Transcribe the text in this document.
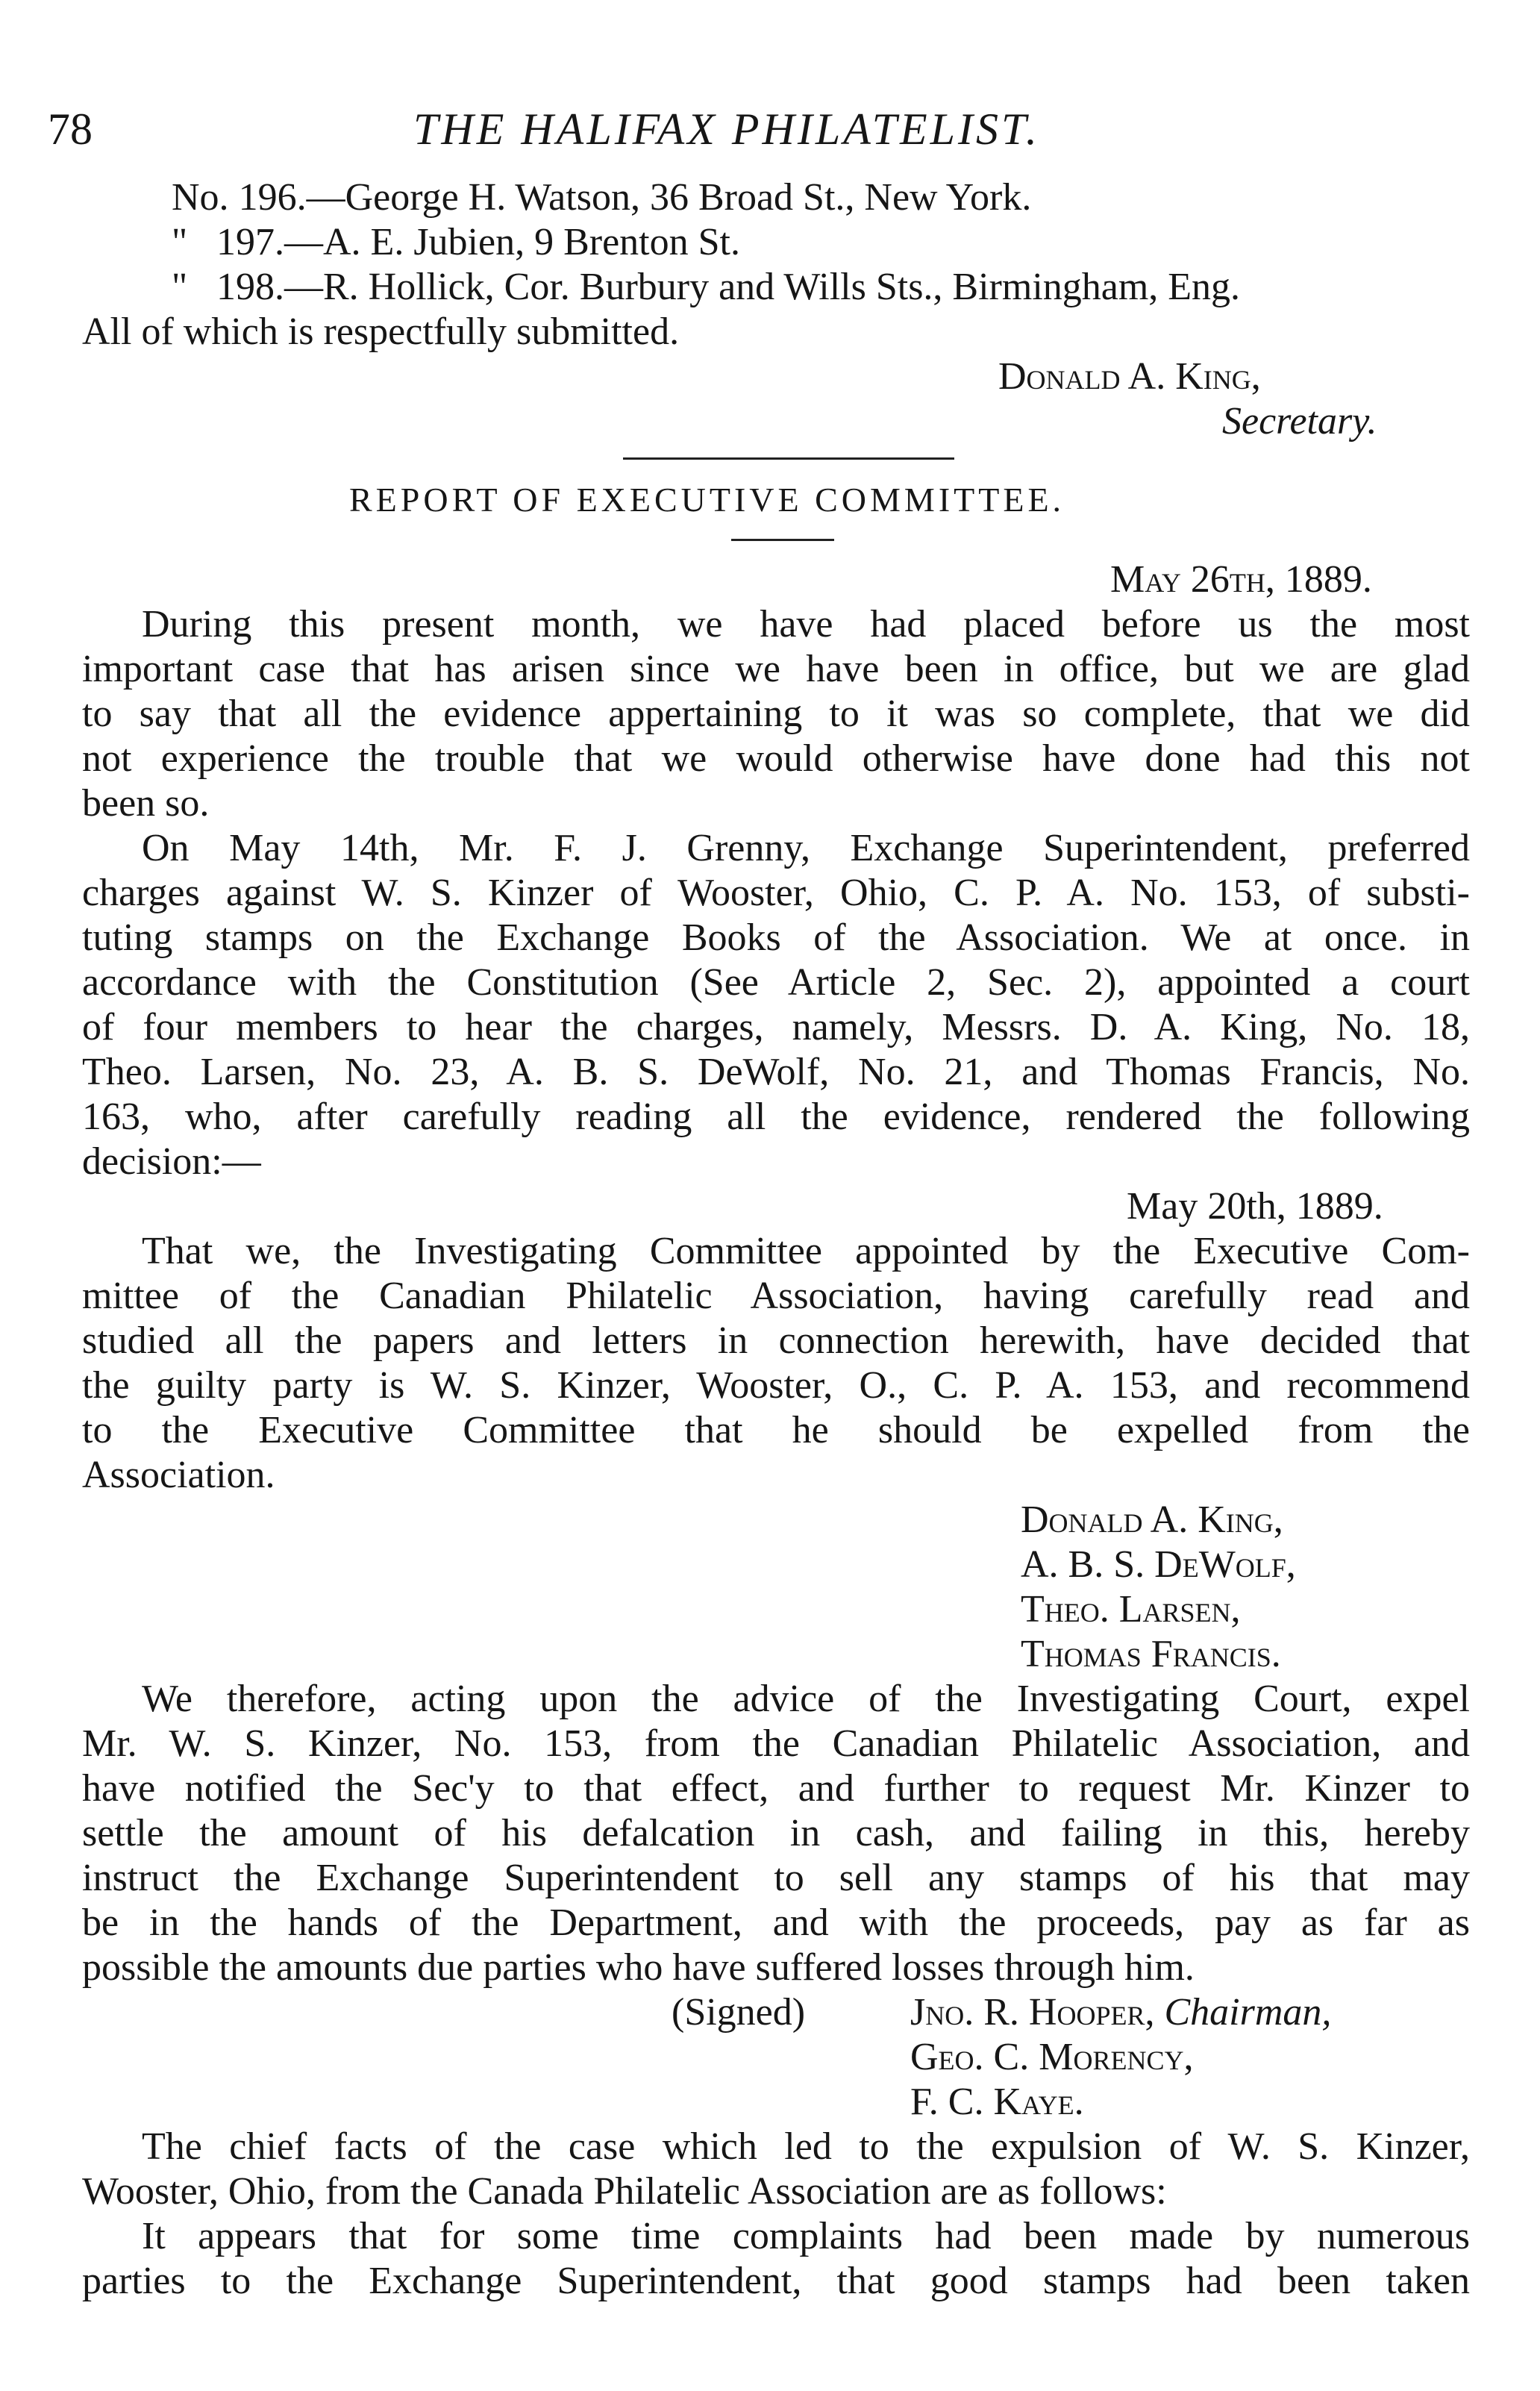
78	THE HALIFAX PHILATELIST.
No. 196.—George H. Watson, 36 Broad St., New York.
" 197.—A. E. Jubien, 9 Brenton St.
" 198.—R. Hollick, Cor. Burbury and Wills Sts., Birmingham, Eng.
All of which is respectfully submitted.
Donald A. King,
Secretary.
REPORT OF EXECUTIVE COMMITTEE.
May 26th, 1889.
During this present month, we have had placed before us the most
important case that has arisen since we have been in office, but we are glad
to say that all the evidence appertaining to it was so complete, that we did
not experience the trouble that we would otherwise have done had this not
been so.
On May 14th, Mr. F. J. Grenny, Exchange Superintendent, preferred
charges against W. S. Kinzer of Wooster, Ohio, C. P. A. No. 153, of substi-
tuting stamps on the Exchange Books of the Association. We at once. in
accordance with the Constitution (See Article 2, Sec. 2), appointed a court
of four members to hear the charges, namely, Messrs. D. A. King, No. 18,
Theo. Larsen, No. 23, A. B. S. DeWolf, No. 21, and Thomas Francis, No.
163, who, after carefully reading all the evidence, rendered the following
decision:—
May 20th, 1889.
That we, the Investigating Committee appointed by the Executive Com-
mittee of the Canadian Philatelic Association, having carefully read and
studied all the papers and letters in connection herewith, have decided that
the guilty party is W. S. Kinzer, Wooster, O., C. P. A. 153, and recommend
to the Executive Committee that he should be expelled from the
Association.
Donald A. King,
A. B. S. DeWolf,
Theo. Larsen,
Thomas Francis.
We therefore, acting upon the advice of the Investigating Court, expel
Mr. W. S. Kinzer, No. 153, from the Canadian Philatelic Association, and
have notified the Sec'y to that effect, and further to request Mr. Kinzer to
settle the amount of his defalcation in cash, and failing in this, hereby
instruct the Exchange Superintendent to sell any stamps of his that may
be in the hands of the Department, and with the proceeds, pay as far as
possible the amounts due parties who have suffered losses through him.
(Signed)	Jno. R. Hooper, Chairman,
Geo. C. Morency,
F. C. Kaye.
The chief facts of the case which led to the expulsion of W. S. Kinzer,
Wooster, Ohio, from the Canada Philatelic Association are as follows:
It appears that for some time complaints had been made by numerous
parties to the Exchange Superintendent, that good stamps had been taken
